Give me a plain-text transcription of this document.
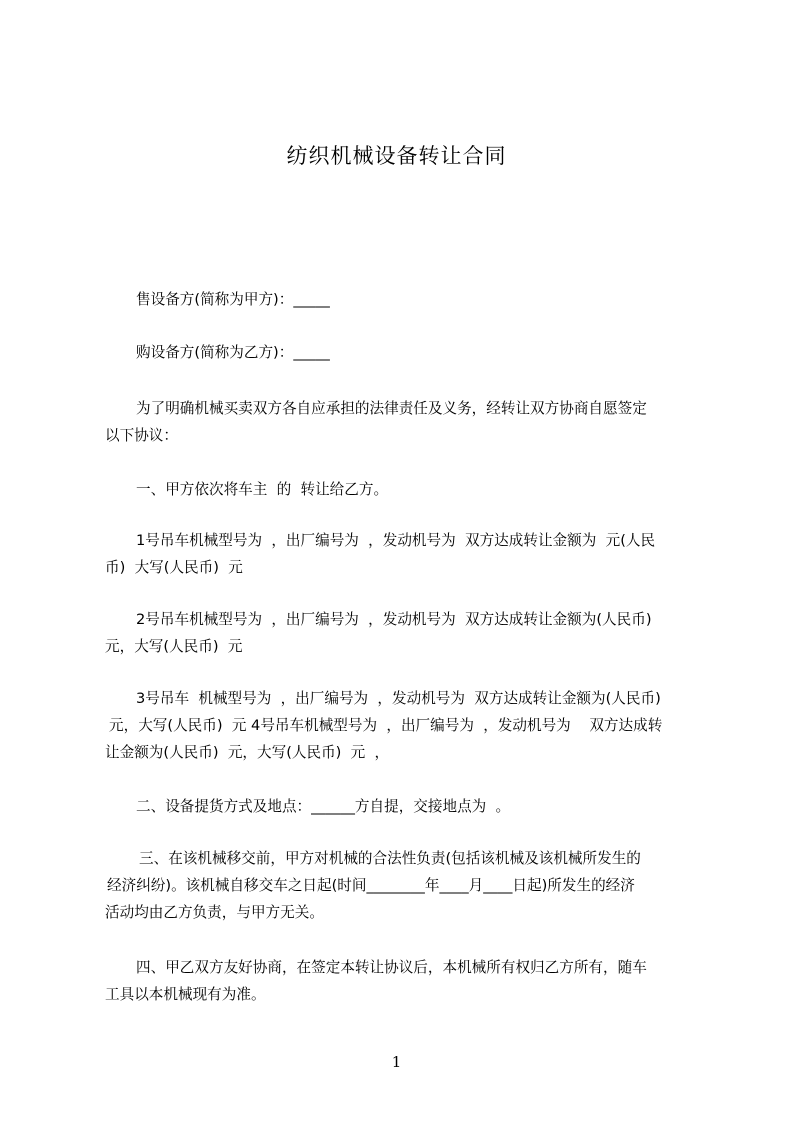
纺织机械设备转让合同
售设备方(简称为甲方)：_____
购设备方(简称为乙方)：_____
为了明确机械买卖双方各自应承担的法律责任及义务，经转让双方协商自愿签定
以下协议：
一、甲方依次将车主  的  转让给乙方。
1号吊车机械型号为  ，出厂编号为  ，发动机号为  双方达成转让金额为  元(人民
币)  大写(人民币)  元
2号吊车机械型号为  ，出厂编号为  ，发动机号为  双方达成转让金额为(人民币)
元，大写(人民币)  元
3号吊车  机械型号为  ，出厂编号为  ，发动机号为  双方达成转让金额为(人民币)
元，大写(人民币)  元 4号吊车机械型号为  ，出厂编号为  ，发动机号为    双方达成转
让金额为(人民币)  元，大写(人民币)  元  ，
二、设备提货方式及地点：______方自提，交接地点为  。
三、在该机械移交前，甲方对机械的合法性负责(包括该机械及该机械所发生的
经济纠纷)。该机械自移交车之日起(时间________年____月____日起)所发生的经济
活动均由乙方负责，与甲方无关。
四、甲乙双方友好协商，在签定本转让协议后，本机械所有权归乙方所有，随车
工具以本机械现有为准。
1
